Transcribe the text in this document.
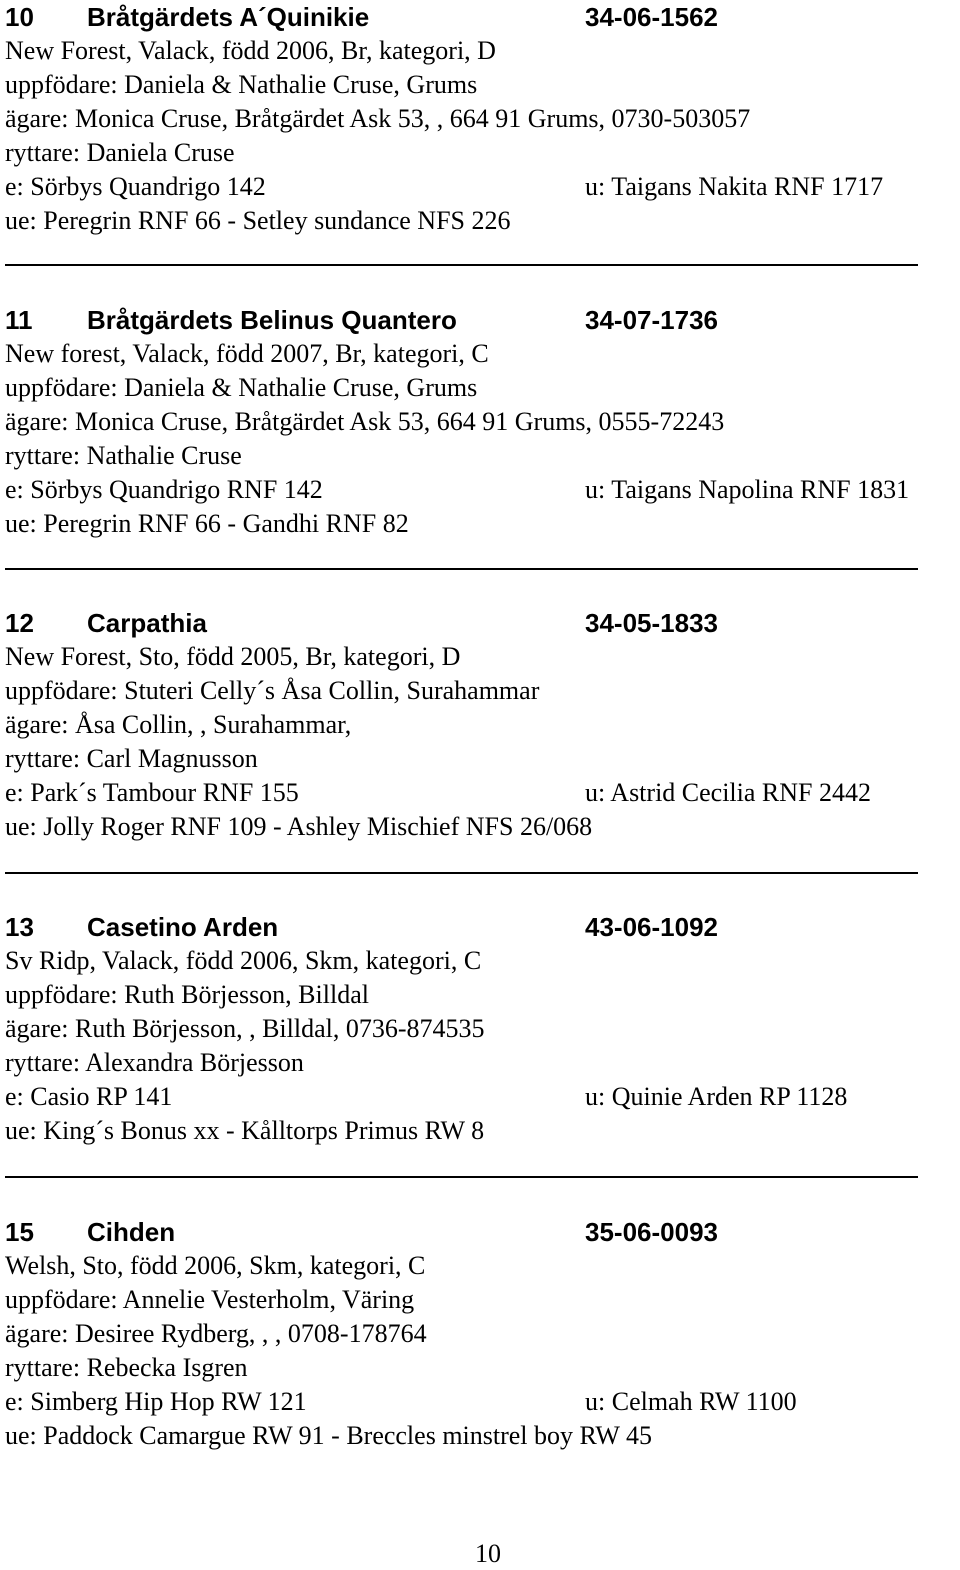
10 Bråtgärdets A´Quinikie	34-06-1562
New Forest, Valack, född 2006, Br, kategori, D
uppfödare: Daniela & Nathalie Cruse, Grums
ägare: Monica Cruse, Bråtgärdet Ask 53, , 664 91 Grums, 0730-503057
ryttare: Daniela Cruse
e: Sörbys Quandrigo 142	u: Taigans Nakita RNF 1717
ue: Peregrin RNF 66 - Setley sundance NFS 226
11 Bråtgärdets Belinus Quantero	34-07-1736
New forest, Valack, född 2007, Br, kategori, C
uppfödare: Daniela & Nathalie Cruse, Grums
ägare: Monica Cruse, Bråtgärdet Ask 53, 664 91 Grums, 0555-72243
ryttare: Nathalie Cruse
e: Sörbys Quandrigo RNF 142	u: Taigans Napolina RNF 1831
ue: Peregrin RNF 66 - Gandhi RNF 82
12 Carpathia	34-05-1833
New Forest, Sto, född 2005, Br, kategori, D
uppfödare: Stuteri Celly´s Åsa Collin, Surahammar
ägare: Åsa Collin, , Surahammar,
ryttare: Carl Magnusson
e: Park´s Tambour RNF 155	u: Astrid Cecilia RNF 2442
ue: Jolly Roger RNF 109 - Ashley Mischief NFS 26/068
13 Casetino Arden	43-06-1092
Sv Ridp, Valack, född 2006, Skm, kategori, C
uppfödare: Ruth Börjesson, Billdal
ägare: Ruth Börjesson, , Billdal, 0736-874535
ryttare: Alexandra Börjesson
e: Casio RP 141	u: Quinie Arden RP 1128
ue: King´s Bonus xx - Kålltorps Primus RW 8
15 Cihden	35-06-0093
Welsh, Sto, född 2006, Skm, kategori, C
uppfödare: Annelie Vesterholm, Väring
ägare: Desiree Rydberg, , , 0708-178764
ryttare: Rebecka Isgren
e: Simberg Hip Hop RW 121	u: Celmah RW 1100
ue: Paddock Camargue RW 91 - Breccles minstrel boy RW 45
10
